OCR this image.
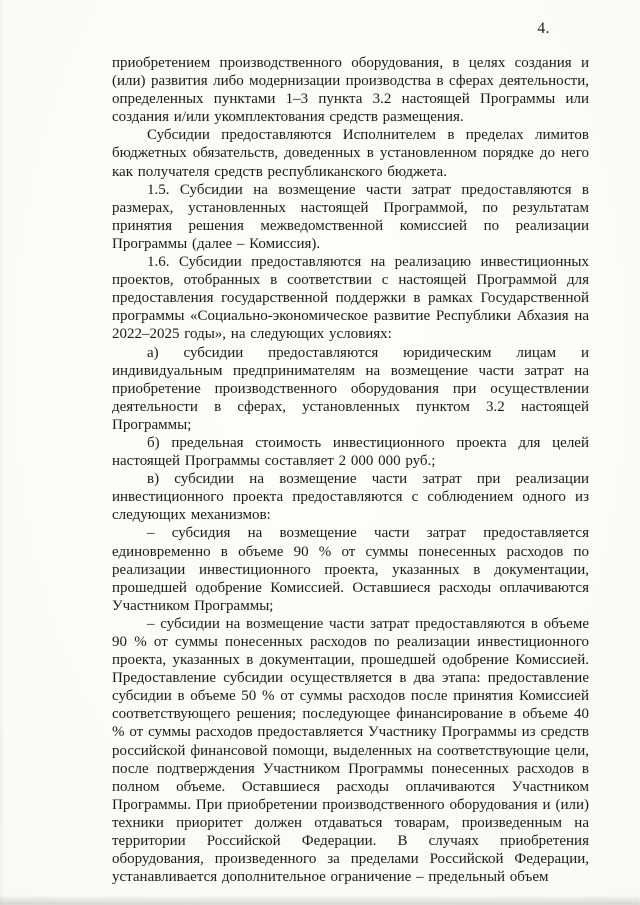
4.

приобретением производственного оборудования, в целях создания и (или) развития либо модернизации производства в сферах деятельности, определенных пунктами 1–3 пункта 3.2 настоящей Программы или создания и/или укомплектования средств размещения.

Субсидии предоставляются Исполнителем в пределах лимитов бюджетных обязательств, доведенных в установленном порядке до него как получателя средств республиканского бюджета.

1.5. Субсидии на возмещение части затрат предоставляются в размерах, установленных настоящей Программой, по результатам принятия решения межведомственной комиссией по реализации Программы (далее – Комиссия).

1.6. Субсидии предоставляются на реализацию инвестиционных проектов, отобранных в соответствии с настоящей Программой для предоставления государственной поддержки в рамках Государственной программы «Социально-экономическое развитие Республики Абхазия на 2022–2025 годы», на следующих условиях:

а) субсидии предоставляются юридическим лицам и индивидуальным предпринимателям на возмещение части затрат на приобретение производственного оборудования при осуществлении деятельности в сферах, установленных пунктом 3.2 настоящей Программы;

б) предельная стоимость инвестиционного проекта для целей настоящей Программы составляет 2 000 000 руб.;

в) субсидии на возмещение части затрат при реализации инвестиционного проекта предоставляются с соблюдением одного из следующих механизмов:

– субсидия на возмещение части затрат предоставляется единовременно в объеме 90 % от суммы понесенных расходов по реализации инвестиционного проекта, указанных в документации, прошедшей одобрение Комиссией. Оставшиеся расходы оплачиваются Участником Программы;

– субсидии на возмещение части затрат предоставляются в объеме 90 % от суммы понесенных расходов по реализации инвестиционного проекта, указанных в документации, прошедшей одобрение Комиссией. Предоставление субсидии осуществляется в два этапа: предоставление субсидии в объеме 50 % от суммы расходов после принятия Комиссией соответствующего решения; последующее финансирование в объеме 40 % от суммы расходов предоставляется Участнику Программы из средств российской финансовой помощи, выделенных на соответствующие цели, после подтверждения Участником Программы понесенных расходов в полном объеме. Оставшиеся расходы оплачиваются Участником Программы. При приобретении производственного оборудования и (или) техники приоритет должен отдаваться товарам, произведенным на территории Российской Федерации. В случаях приобретения оборудования, произведенного за пределами Российской Федерации, устанавливается дополнительное ограничение – предельный объем
